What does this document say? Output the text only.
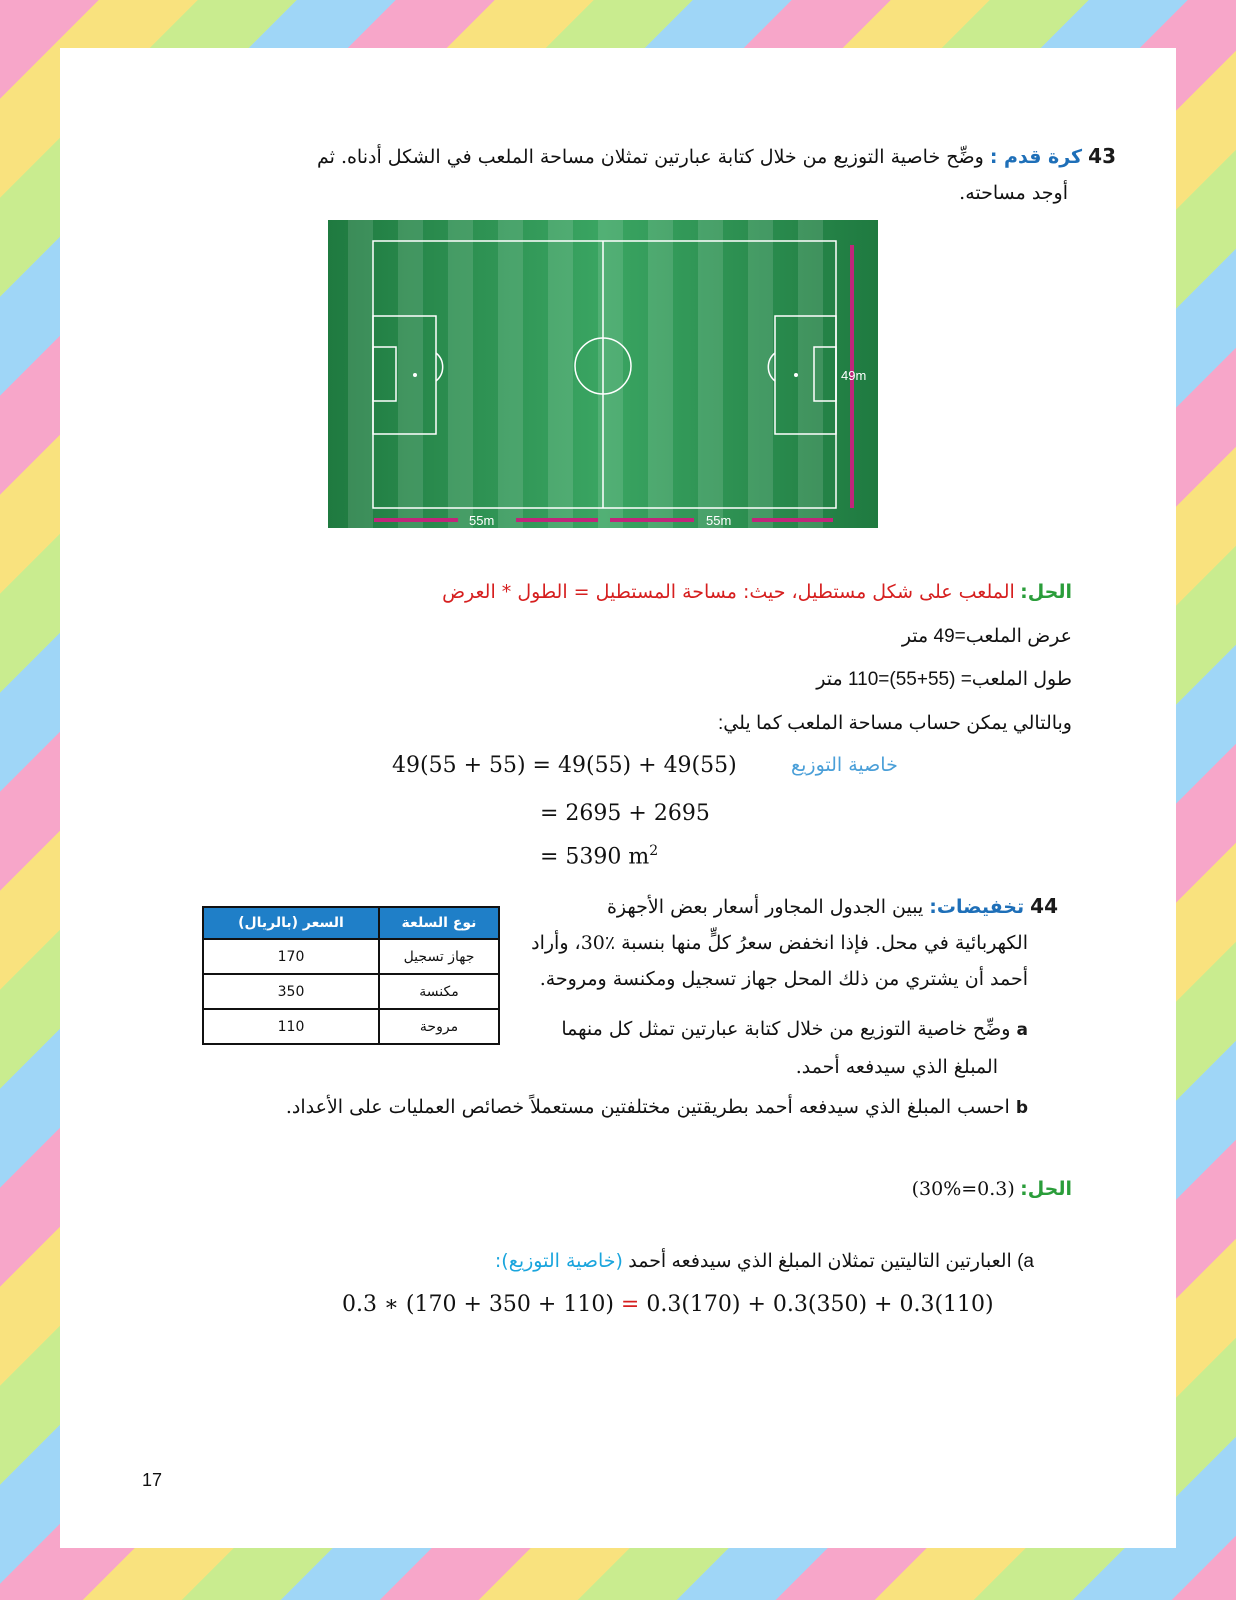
43 كرة قدم : وضِّح خاصية التوزيع من خلال كتابة عبارتين تمثلان مساحة الملعب في الشكل أدناه. ثم
أوجد مساحته.
49m
55m	55m
الحل: الملعب على شكل مستطيل، حيث: مساحة المستطيل = الطول * العرض
عرض الملعب=49 متر
طول الملعب= (55+55)=110 متر
وبالتالي يمكن حساب مساحة الملعب كما يلي:
خاصية التوزيع
49(55 + 55) = 49(55) + 49(55)
= 2695 + 2695
= 5390 $m^2$
44 تخفيضات: يبين الجدول المجاور أسعار بعض الأجهزة
الكهربائية في محل. فإذا انخفض سعرُ كلٍّ منها بنسبة ٪30، وأراد
أحمد أن يشتري من ذلك المحل جهاز تسجيل ومكنسة ومروحة.
a وضِّح خاصية التوزيع من خلال كتابة عبارتين تمثل كل منهما
المبلغ الذي سيدفعه أحمد.
b احسب المبلغ الذي سيدفعه أحمد بطريقتين مختلفتين مستعملاً خصائص العمليات على الأعداد.
نوع السلعة	السعر (بالريال)
جهاز تسجيل	170
مكنسة	350
مروحة	110
الحل: (30%=0.3)
a) العبارتين التاليتين تمثلان المبلغ الذي سيدفعه أحمد (خاصية التوزيع):
0.3 ∗ (170 + 350 + 110) = 0.3(170) + 0.3(350) + 0.3(110)
17
